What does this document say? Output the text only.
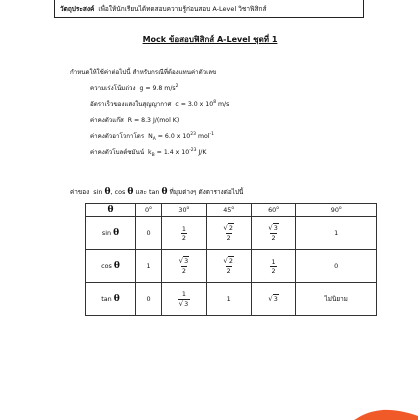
วัตถุประสงค์ เพื่อให้นักเรียนได้ทดสอบความรู้ก่อนสอบ A-Level วิชาฟิสิกส์
Mock ข้อสอบฟิสิกส์ A-Level ชุดที่ 1
กำหนดให้ใช้ค่าต่อไปนี้ สำหรับกรณีที่ต้องแทนค่าตัวเลข
ความเร่งโน้มถ่วง g = 9.8 $m/s^2$
อัตราเร็วของแสงในสุญญากาศ c = 3.0 x $10^8$ m/s
ค่าคงตัวแก๊ส R = 8.3 J/(mol K)
ค่าคงตัวอาโวกาโดร $N_A = 6.0$ x $10^{23}$ mol$^{-1}$
ค่าคงตัวโบลต์ซมันน์ $k_B = 1.4$ x $10^{-23}$ J/K
ค่าของ sin θ, cos θ และ tan θ ที่มุมต่างๆ ดังตารางต่อไปนี้
θ	0$^o$	30$^o$	45$^o$	60$^o$	90$^o$
sin θ	0	$\frac{1}{2}$	$\frac{√2}{2}$	$\frac{√3}{2}$	1
cos θ	1	$\frac{√3}{2}$	$\frac{√2}{2}$	$\frac{1}{2}$	0
tan θ	0	$\frac{1}{√3}$	1	√3	ไม่นิยาม
